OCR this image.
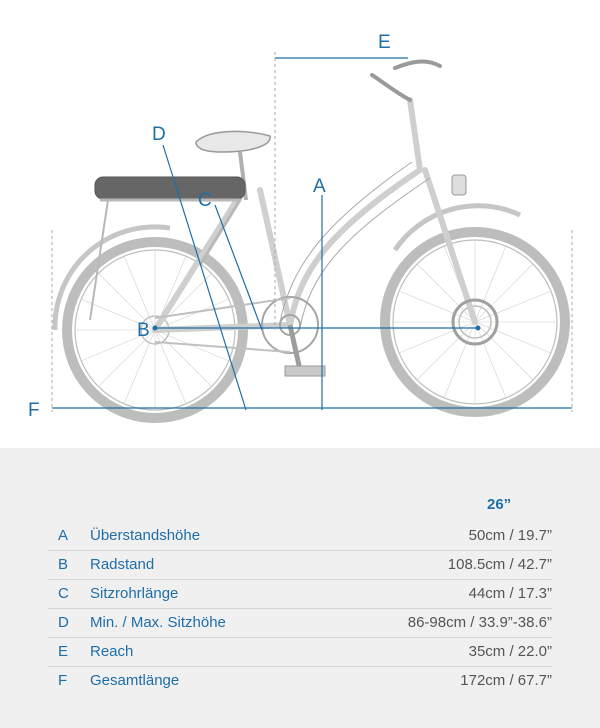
E
D
A
C
B
F
26”
A Überstandshöhe	50cm / 19.7”
B Radstand	108.5cm / 42.7”
C Sitzrohrlänge	44cm / 17.3”
D Min. / Max. Sitzhöhe	86-98cm / 33.9”-38.6”
E Reach	35cm / 22.0”
F Gesamtlänge	172cm / 67.7”
